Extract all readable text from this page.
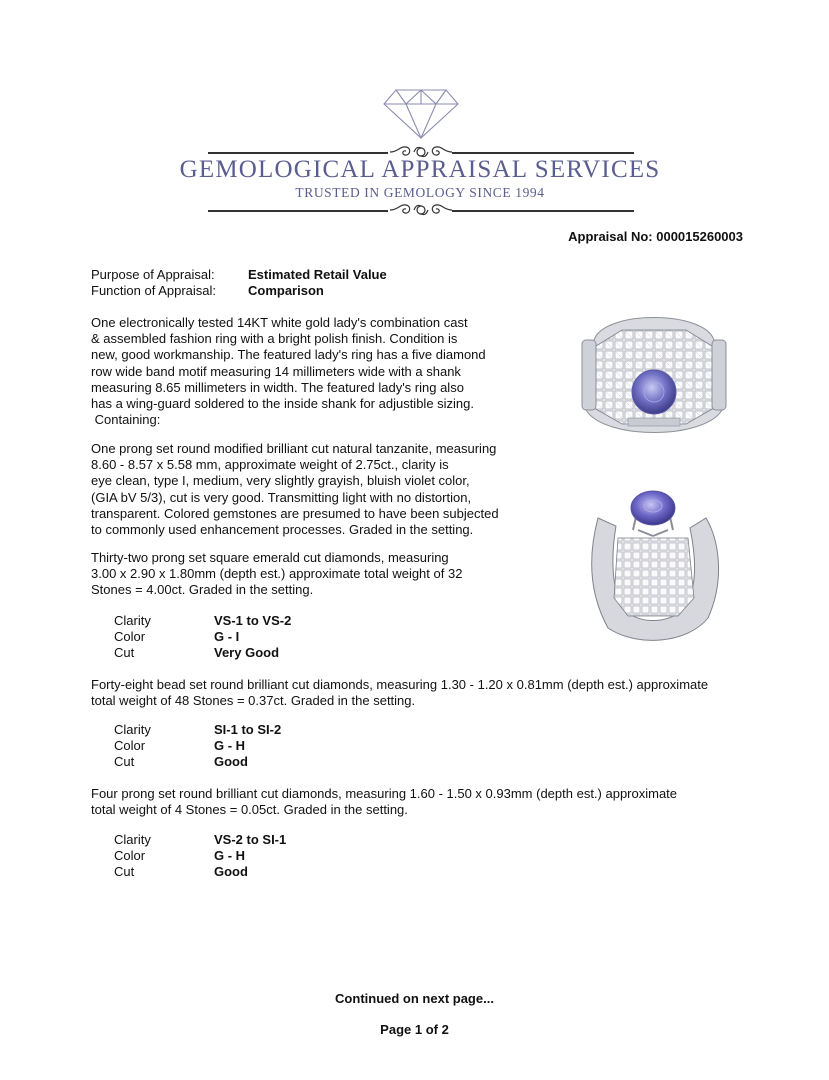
GEMOLOGICAL APPRAISAL SERVICES
TRUSTED IN GEMOLOGY SINCE 1994
Appraisal No: 000015260003
Purpose of Appraisal:	Estimated Retail Value
Function of Appraisal: Comparison
One electronically tested 14KT white gold lady's combination cast
& assembled fashion ring with a bright polish finish. Condition is
new, good workmanship. The featured lady's ring has a five diamond
row wide band motif measuring 14 millimeters wide with a shank
measuring 8.65 millimeters in width. The featured lady's ring also
has a wing-guard soldered to the inside shank for adjustible sizing.
Containing:
One prong set round modified brilliant cut natural tanzanite, measuring
8.60 - 8.57 x 5.58 mm, approximate weight of 2.75ct., clarity is
eye clean, type I, medium, very slightly grayish, bluish violet color,
(GIA bV 5/3), cut is very good. Transmitting light with no distortion,
transparent. Colored gemstones are presumed to have been subjected
to commonly used enhancement processes. Graded in the setting.
Thirty-two prong set square emerald cut diamonds, measuring
3.00 x 2.90 x 1.80mm (depth est.) approximate total weight of 32
Stones = 4.00ct. Graded in the setting.
Clarity	VS-1 to VS-2
Color	G - I
Cut	Very Good
Forty-eight bead set round brilliant cut diamonds, measuring 1.30 - 1.20 x 0.81mm (depth est.) approximate
total weight of 48 Stones = 0.37ct. Graded in the setting.
Clarity	SI-1 to SI-2
Color	G - H
Cut	Good
Four prong set round brilliant cut diamonds, measuring 1.60 - 1.50 x 0.93mm (depth est.) approximate
total weight of 4 Stones = 0.05ct. Graded in the setting.
Clarity	VS-2 to SI-1
Color	G - H
Cut	Good
Continued on next page...
Page 1 of 2
